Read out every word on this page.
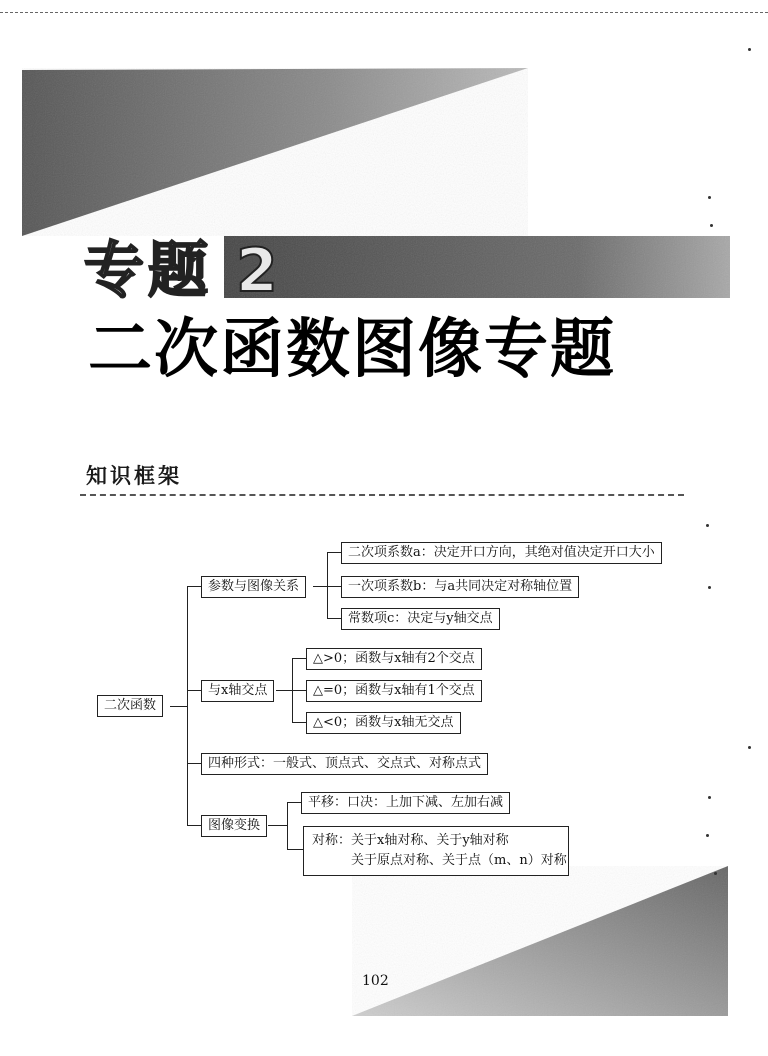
专题 2
二次函数图像专题
知识框架
二次函数
参数与图像关系
二次项系数a：决定开口方向，其绝对值决定开口大小
一次项系数b：与a共同决定对称轴位置
常数项c：决定与y轴交点
与x轴交点
△>0；函数与x轴有2个交点
△=0；函数与x轴有1个交点
△<0；函数与x轴无交点
四种形式：一般式、顶点式、交点式、对称点式
图像变换
平移：口决：上加下减、左加右减
对称：关于x轴对称、关于y轴对称
关于原点对称、关于点（m、n）对称
102
